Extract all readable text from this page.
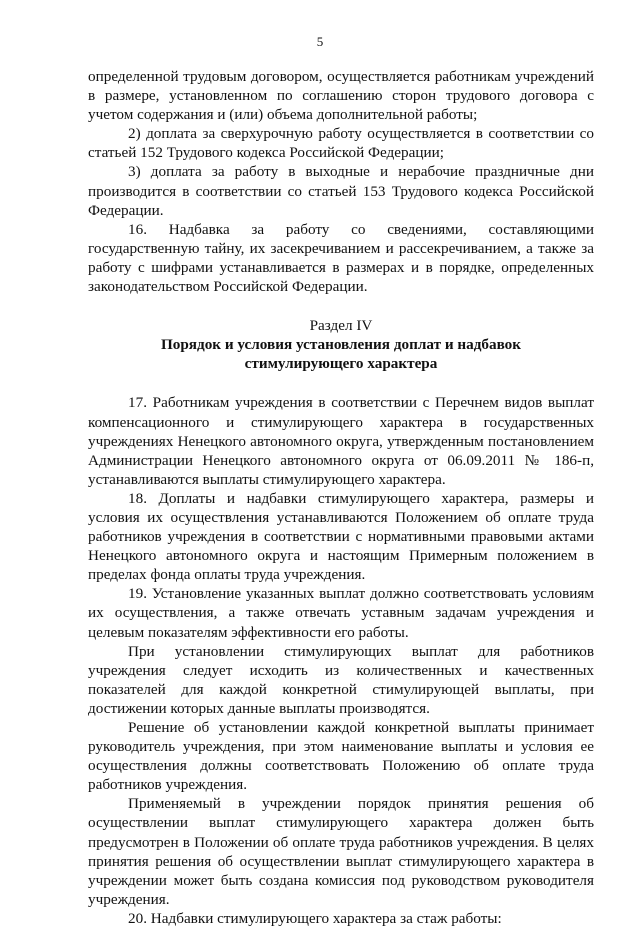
5

определенной трудовым договором, осуществляется работникам учреждений в размере, установленном по соглашению сторон трудового договора с учетом содержания и (или) объема дополнительной работы;

2) доплата за сверхурочную работу осуществляется в соответствии со статьей 152 Трудового кодекса Российской Федерации;

3) доплата за работу в выходные и нерабочие праздничные дни производится в соответствии со статьей 153 Трудового кодекса Российской Федерации.

16. Надбавка за работу со сведениями, составляющими государственную тайну, их засекречиванием и рассекречиванием, а также за работу с шифрами устанавливается в размерах и в порядке, определенных законодательством Российской Федерации.

Раздел IV

Порядок и условия установления доплат и надбавок

стимулирующего характера

17. Работникам учреждения в соответствии с Перечнем видов выплат компенсационного и стимулирующего характера в государственных учреждениях Ненецкого автономного округа, утвержденным постановлением Администрации Ненецкого автономного округа от 06.09.2011 № 186-п, устанавливаются выплаты стимулирующего характера.

18. Доплаты и надбавки стимулирующего характера, размеры и условия их осуществления устанавливаются Положением об оплате труда работников учреждения в соответствии с нормативными правовыми актами Ненецкого автономного округа и настоящим Примерным положением в пределах фонда оплаты труда учреждения.

19. Установление указанных выплат должно соответствовать условиям их осуществления, а также отвечать уставным задачам учреждения и целевым показателям эффективности его работы.

При установлении стимулирующих выплат для работников учреждения следует исходить из количественных и качественных показателей для каждой конкретной стимулирующей выплаты, при достижении которых данные выплаты производятся.

Решение об установлении каждой конкретной выплаты принимает руководитель учреждения, при этом наименование выплаты и условия ее осуществления должны соответствовать Положению об оплате труда работников учреждения.

Применяемый в учреждении порядок принятия решения об осуществлении выплат стимулирующего характера должен быть предусмотрен в Положении об оплате труда работников учреждения. В целях принятия решения об осуществлении выплат стимулирующего характера в учреждении может быть создана комиссия под руководством руководителя учреждения.

20. Надбавки стимулирующего характера за стаж работы:
